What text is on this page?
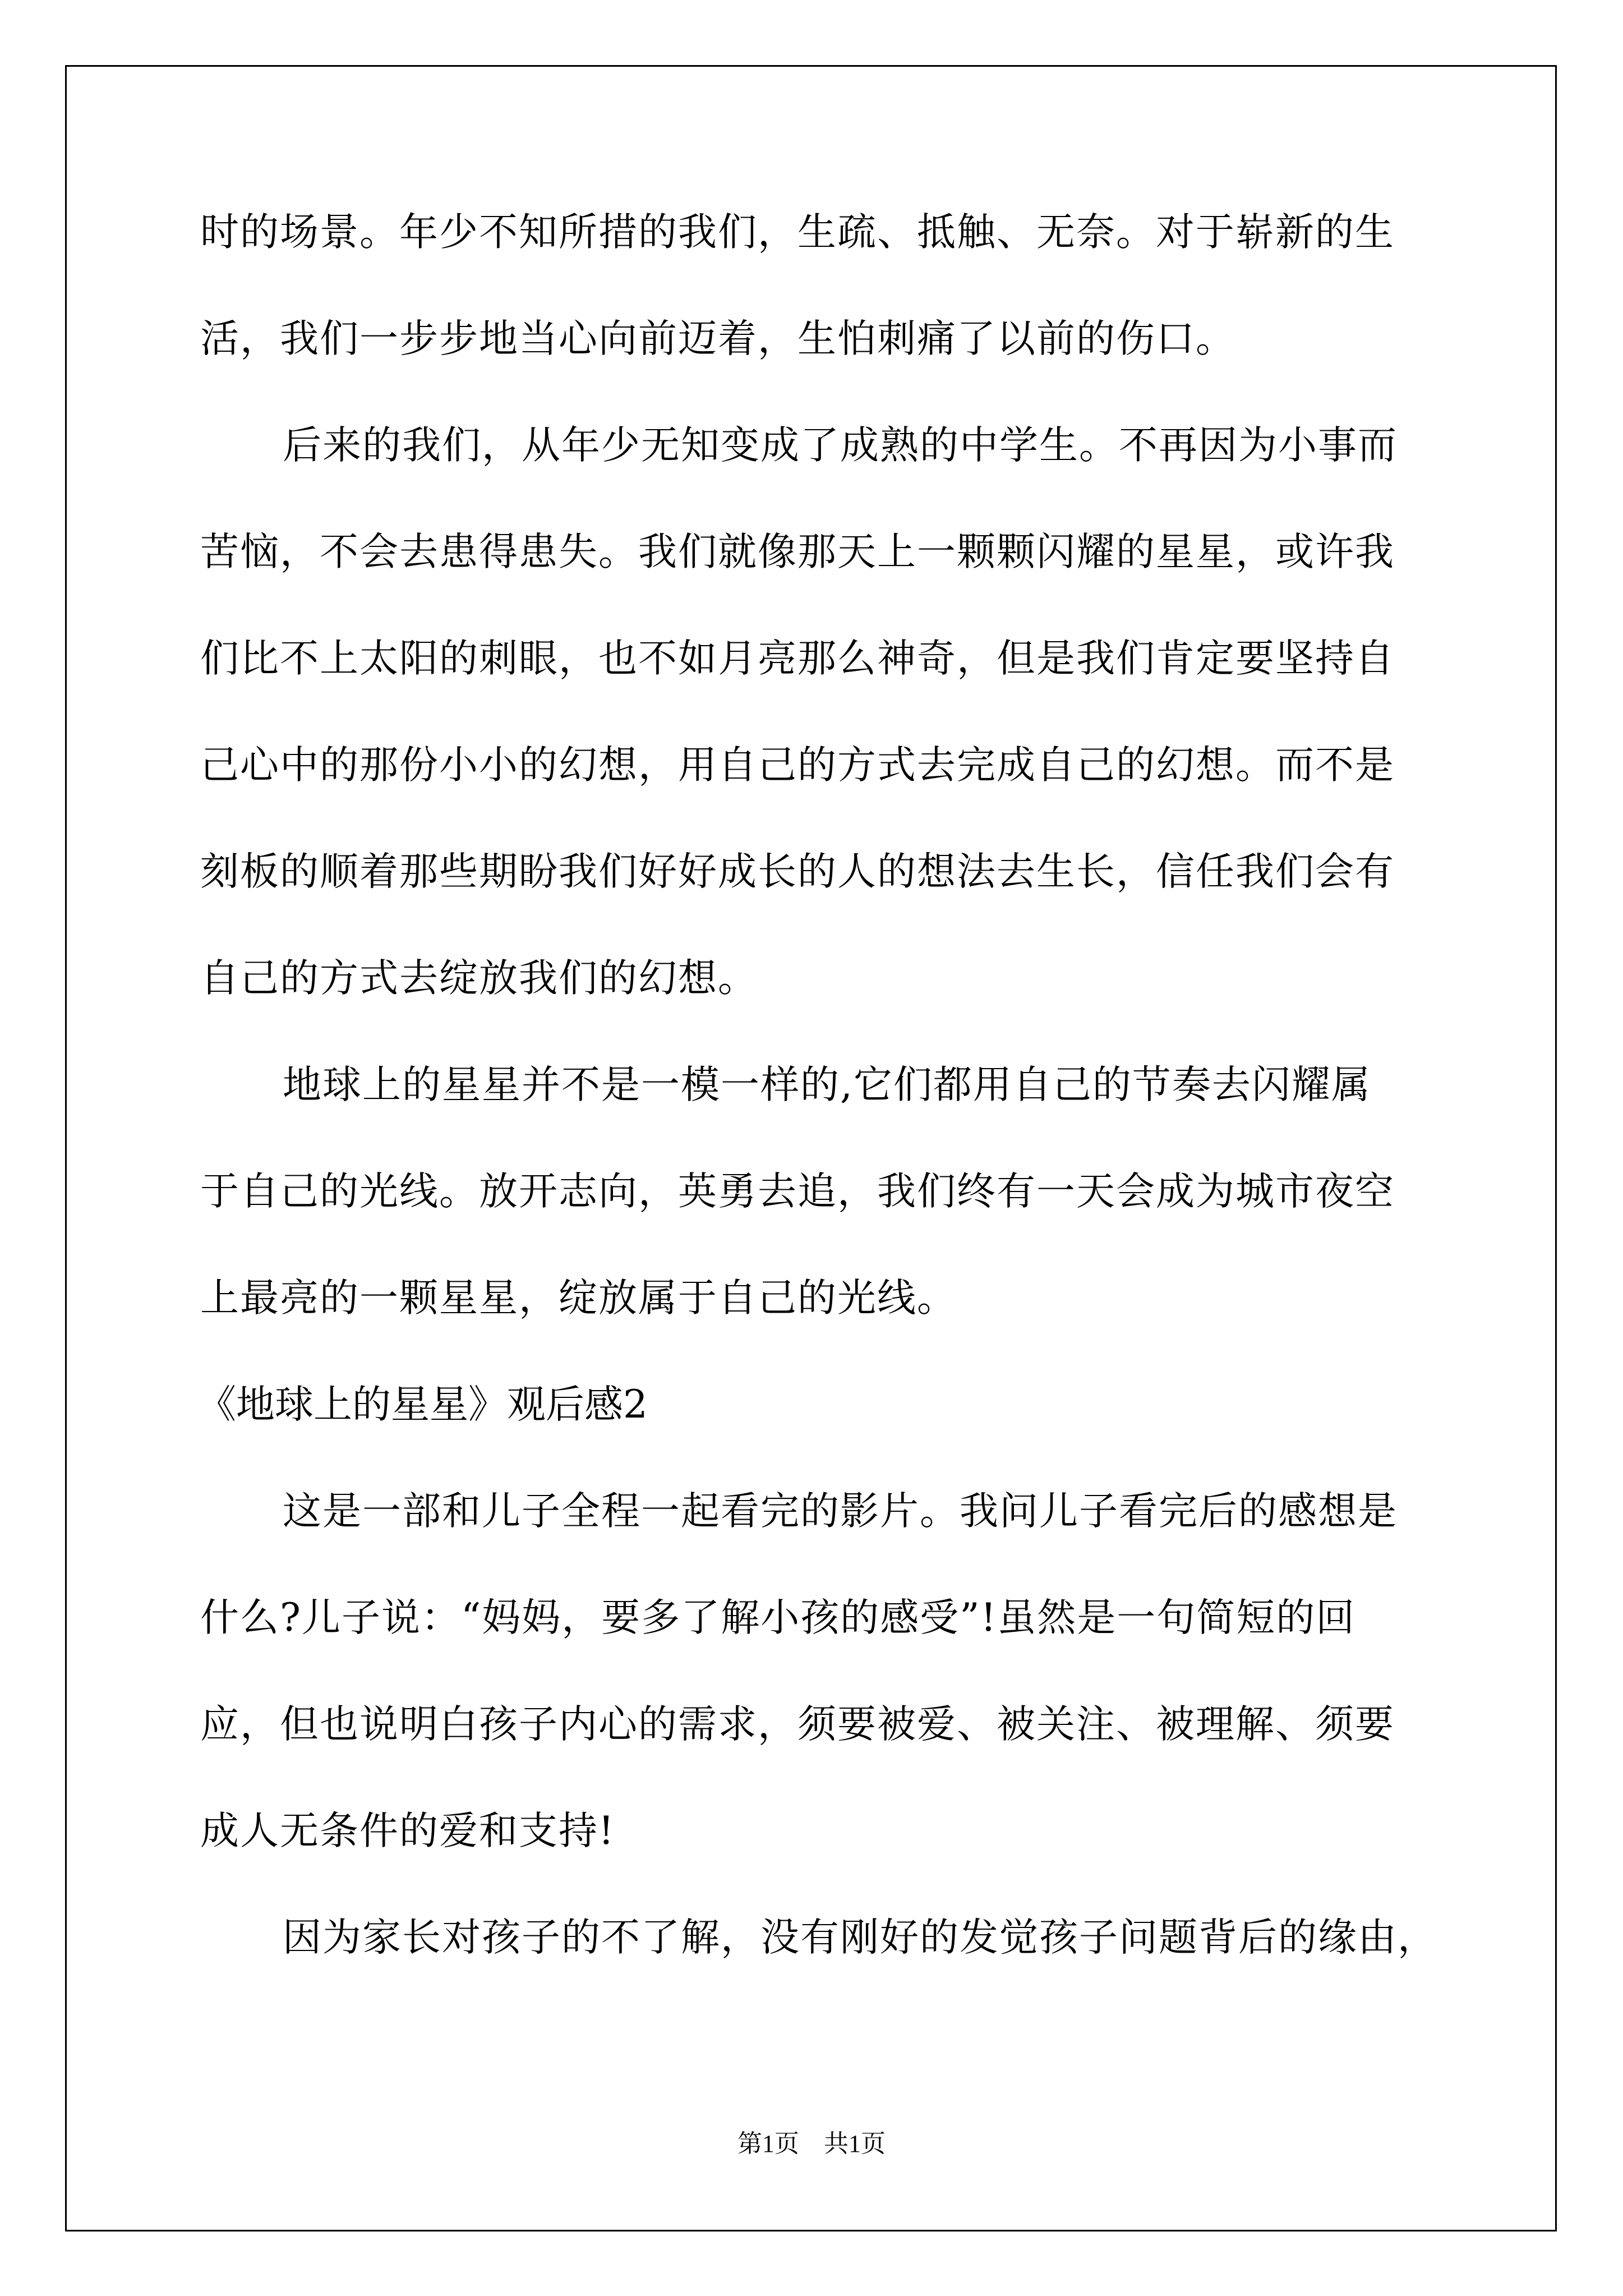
时的场景。年少不知所措的我们，生疏、抵触、无奈。对于崭新的生
活，我们一步步地当心向前迈着，生怕刺痛了以前的伤口。
后来的我们，从年少无知变成了成熟的中学生。不再因为小事而
苦恼，不会去患得患失。我们就像那天上一颗颗闪耀的星星，或许我
们比不上太阳的刺眼，也不如月亮那么神奇，但是我们肯定要坚持自
己心中的那份小小的幻想，用自己的方式去完成自己的幻想。而不是
刻板的顺着那些期盼我们好好成长的人的想法去生长，信任我们会有
自己的方式去绽放我们的幻想。
地球上的星星并不是一模一样的,它们都用自己的节奏去闪耀属
于自己的光线。放开志向，英勇去追，我们终有一天会成为城市夜空
上最亮的一颗星星，绽放属于自己的光线。
《地球上的星星》观后感2
这是一部和儿子全程一起看完的影片。我问儿子看完后的感想是
什么?儿子说：“妈妈，要多了解小孩的感受”!虽然是一句简短的回
应，但也说明白孩子内心的需求，须要被爱、被关注、被理解、须要
成人无条件的爱和支持!
因为家长对孩子的不了解，没有刚好的发觉孩子问题背后的缘由，
第1页　共1页
